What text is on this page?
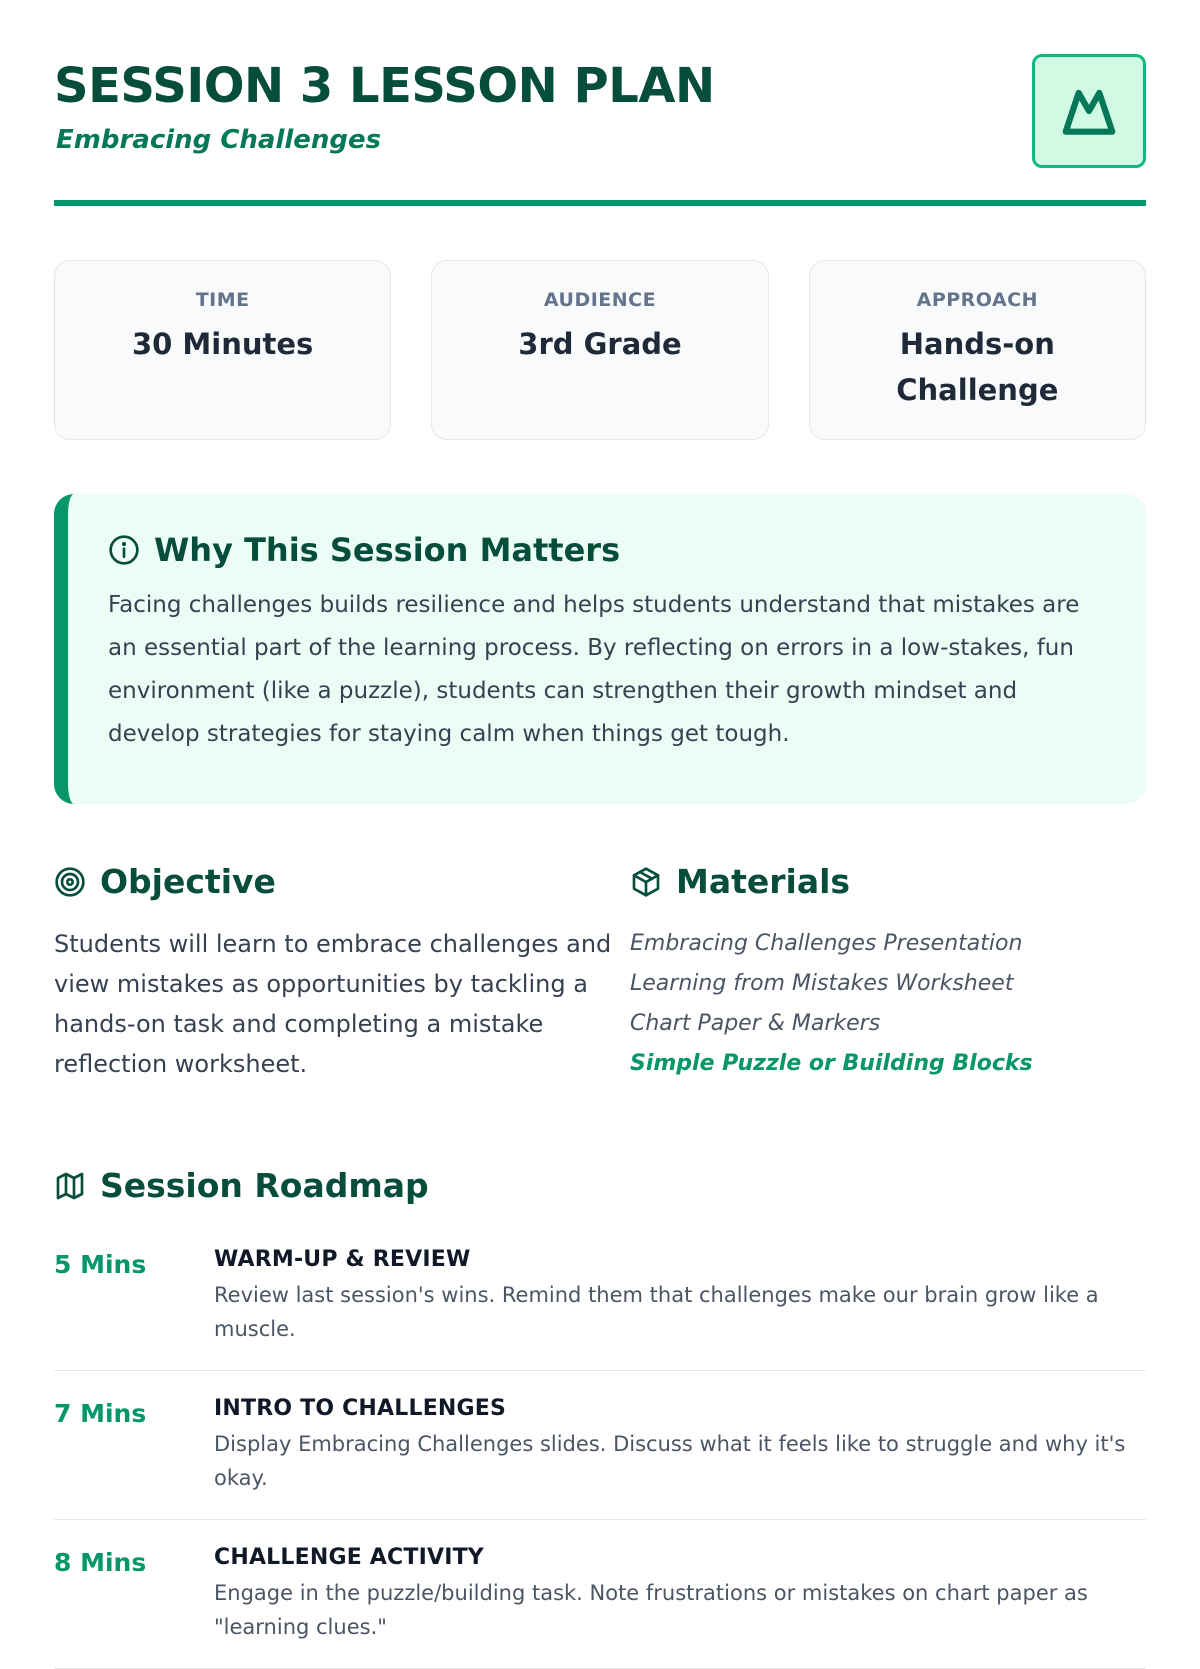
SESSION 3 LESSON PLAN
Embracing Challenges
TIME
30 Minutes
AUDIENCE
3rd Grade
APPROACH
Hands-on Challenge
Why This Session Matters
Facing challenges builds resilience and helps students understand that mistakes are an essential part of the learning process. By reflecting on errors in a low-stakes, fun environment (like a puzzle), students can strengthen their growth mindset and develop strategies for staying calm when things get tough.
Objective
Students will learn to embrace challenges and view mistakes as opportunities by tackling a hands-on task and completing a mistake reflection worksheet.
Materials
Embracing Challenges Presentation
Learning from Mistakes Worksheet
Chart Paper & Markers
Simple Puzzle or Building Blocks
Session Roadmap
5 Mins	WARM-UP & REVIEW
Review last session's wins. Remind them that challenges make our brain grow like a muscle.
7 Mins	INTRO TO CHALLENGES
Display Embracing Challenges slides. Discuss what it feels like to struggle and why it's okay.
8 Mins	CHALLENGE ACTIVITY
Engage in the puzzle/building task. Note frustrations or mistakes on chart paper as "learning clues."
